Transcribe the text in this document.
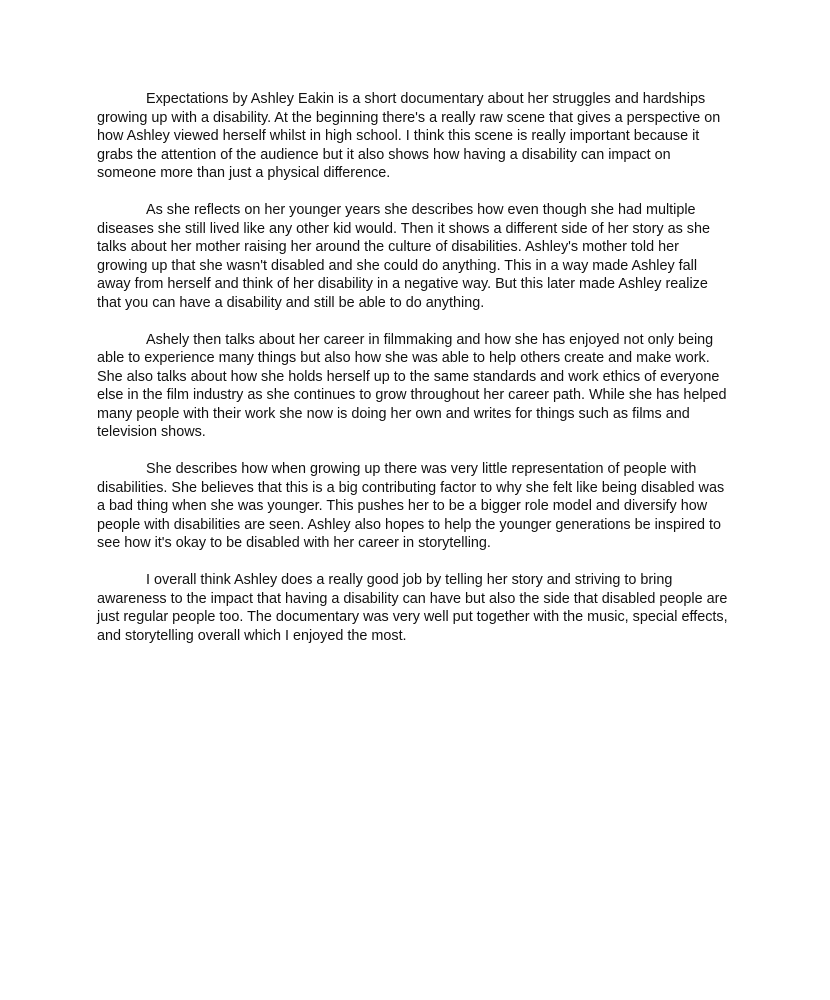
Expectations by Ashley Eakin is a short documentary about her struggles and hardships growing up with a disability. At the beginning there's a really raw scene that gives a perspective on how Ashley viewed herself whilst in high school. I think this scene is really important because it grabs the attention of the audience but it also shows how having a disability can impact on someone more than just a physical difference.

As she reflects on her younger years she describes how even though she had multiple diseases she still lived like any other kid would. Then it shows a different side of her story as she talks about her mother raising her around the culture of disabilities. Ashley's mother told her growing up that she wasn't disabled and she could do anything. This in a way made Ashley fall away from herself and think of her disability in a negative way. But this later made Ashley realize that you can have a disability and still be able to do anything.

Ashely then talks about her career in filmmaking and how she has enjoyed not only being able to experience many things but also how she was able to help others create and make work. She also talks about how she holds herself up to the same standards and work ethics of everyone else in the film industry as she continues to grow throughout her career path. While she has helped many people with their work she now is doing her own and writes for things such as films and television shows.

She describes how when growing up there was very little representation of people with disabilities. She believes that this is a big contributing factor to why she felt like being disabled was a bad thing when she was younger. This pushes her to be a bigger role model and diversify how people with disabilities are seen. Ashley also hopes to help the younger generations be inspired to see how it's okay to be disabled with her career in storytelling.

I overall think Ashley does a really good job by telling her story and striving to bring awareness to the impact that having a disability can have but also the side that disabled people are just regular people too. The documentary was very well put together with the music, special effects, and storytelling overall which I enjoyed the most.
